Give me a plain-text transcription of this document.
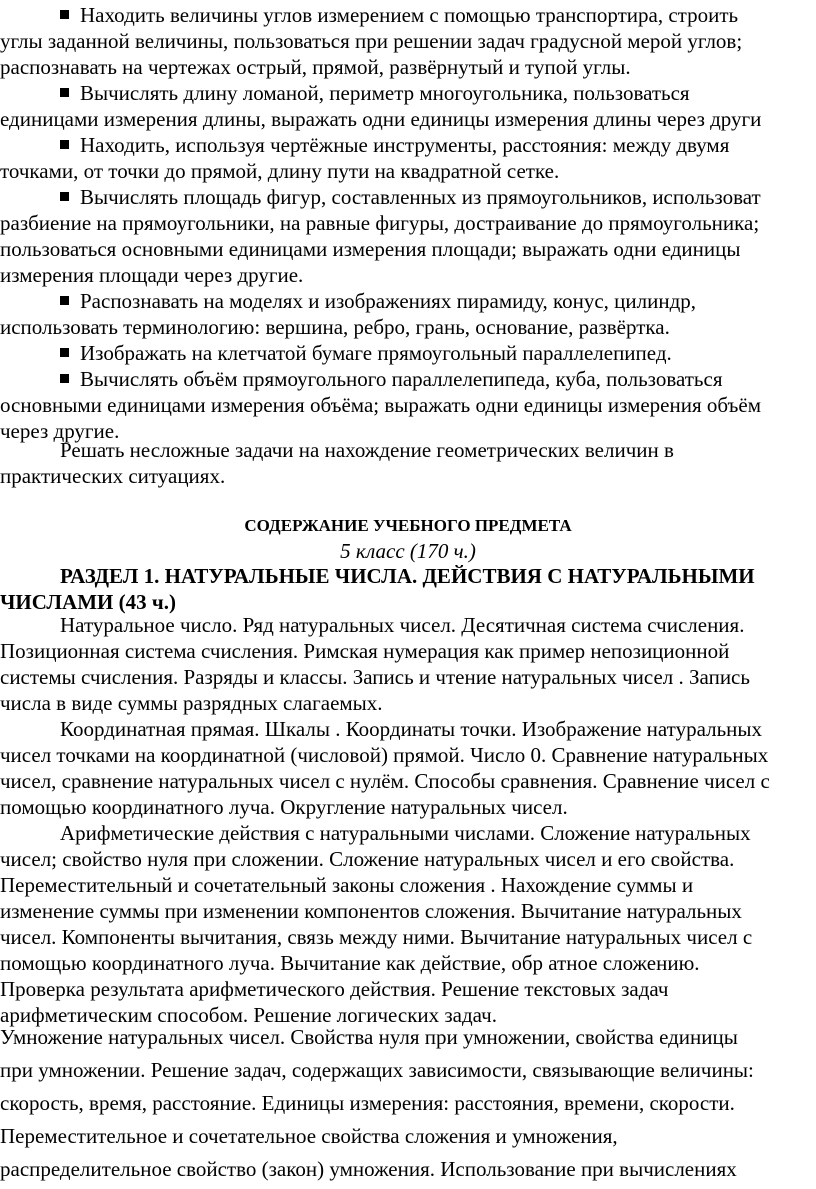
Находить величины углов измерением с помощью транспортира, строить
углы заданной величины, пользоваться при решении задач градусной мерой углов;
распознавать на чертежах острый, прямой, развёрнутый и тупой углы.
Вычислять длину ломаной, периметр многоугольника, пользоваться
единицами измерения длины, выражать одни единицы измерения длины через други
Находить, используя чертёжные инструменты, расстояния: между двумя
точками, от точки до прямой, длину пути на квадратной сетке.
Вычислять площадь фигур, составленных из прямоугольников, использоват
разбиение на прямоугольники, на равные фигуры, достраивание до прямоугольника;
пользоваться основными единицами измерения площади; выражать одни единицы
измерения площади через другие.
Распознавать на моделях и изображениях пирамиду, конус, цилиндр,
использовать терминологию: вершина, ребро, грань, основание, развёртка.
Изображать на клетчатой бумаге прямоугольный параллелепипед.
Вычислять объём прямоугольного параллелепипеда, куба, пользоваться
основными единицами измерения объёма; выражать одни единицы измерения объём
через другие.
Решать несложные задачи на нахождение геометрических величин в
практических ситуациях.
СОДЕРЖАНИЕ УЧЕБНОГО ПРЕДМЕТА
5 класс (170 ч.)
РАЗДЕЛ 1. НАТУРАЛЬНЫЕ ЧИСЛА. ДЕЙСТВИЯ С НАТУРАЛЬНЫМИ
ЧИСЛАМИ (43 ч.)
Натуральное число. Ряд натуральных чисел. Десятичная система счисления.
Позиционная система счисления. Римская нумерация как пример непозиционной
системы счисления. Разряды и классы. Запись и чтение натуральных чисел . Запись
числа в виде суммы разрядных слагаемых.
Координатная прямая. Шкалы . Координаты точки. Изображение натуральных
чисел точками на координатной (числовой) прямой. Число 0. Сравнение натуральных
чисел, сравнение натуральных чисел с нулём. Способы сравнения. Сравнение чисел с
помощью координатного луча. Округление натуральных чисел.
Арифметические действия с натуральными числами. Сложение натуральных
чисел; свойство нуля при сложении. Сложение натуральных чисел и его свойства.
Переместительный и сочетательный законы сложения . Нахождение суммы и
изменение суммы при изменении компонентов сложения. Вычитание натуральных
чисел. Компоненты вычитания, связь между ними. Вычитание натуральных чисел с
помощью координатного луча. Вычитание как действие, обр атное сложению.
Проверка результата арифметического действия. Решение текстовых задач
арифметическим способом. Решение логических задач.
Умножение натуральных чисел. Свойства нуля при умножении, свойства единицы
при умножении. Решение задач, содержащих зависимости, связывающие величины:
скорость, время, расстояние. Единицы измерения: расстояния, времени, скорости.
Переместительное и сочетательное свойства сложения и умножения,
распределительное свойство (закон) умножения. Использование при вычислениях
